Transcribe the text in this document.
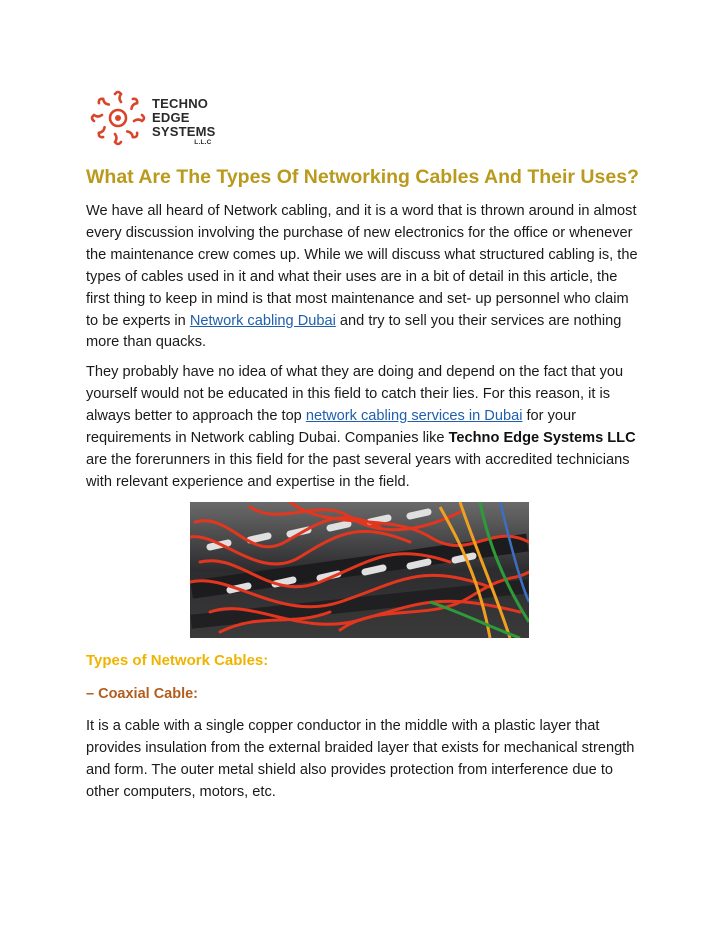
TECHNO
EDGE
SYSTEMS
L.L.C
What Are The Types Of Networking Cables And Their Uses?

We have all heard of Network cabling, and it is a word that is thrown around in almost every discussion involving the purchase of new electronics for the office or whenever the maintenance crew comes up. While we will discuss what structured cabling is, the types of cables used in it and what their uses are in a bit of detail in this article, the first thing to keep in mind is that most maintenance and set- up personnel who claim to be experts in Network cabling Dubai and try to sell you their services are nothing more than quacks.

They probably have no idea of what they are doing and depend on the fact that you yourself would not be educated in this field to catch their lies. For this reason, it is always better to approach the top network cabling services in Dubai for your requirements in Network cabling Dubai. Companies like Techno Edge Systems LLC are the forerunners in this field for the past several years with accredited technicians with relevant experience and expertise in the field.

Types of Network Cables:
– Coaxial Cable:

It is a cable with a single copper conductor in the middle with a plastic layer that provides insulation from the external braided layer that exists for mechanical strength and form. The outer metal shield also provides protection from interference due to other computers, motors, etc.
